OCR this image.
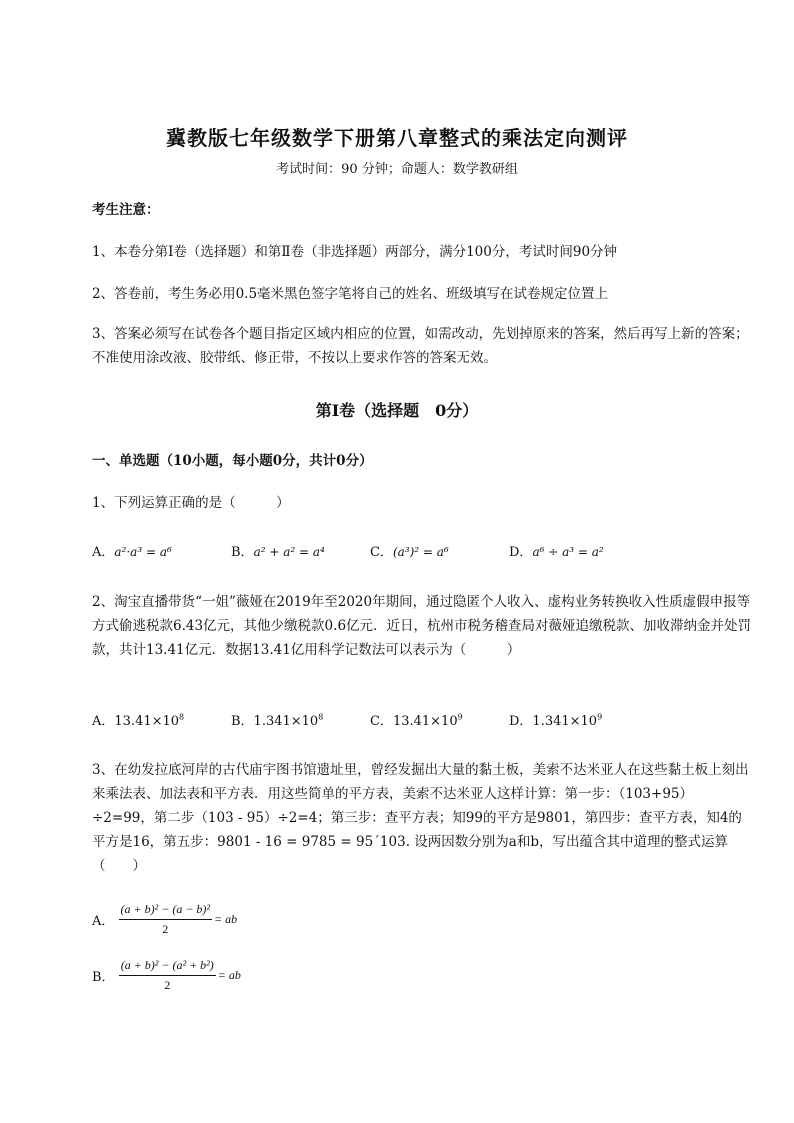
冀教版七年级数学下册第八章整式的乘法定向测评
考试时间：90 分钟；命题人：数学教研组
考生注意：
1、本卷分第Ⅰ卷（选择题）和第Ⅱ卷（非选择题）两部分，满分100分，考试时间90分钟
2、答卷前，考生务必用0.5毫米黑色签字笔将自己的姓名、班级填写在试卷规定位置上
3、答案必须写在试卷各个题目指定区域内相应的位置，如需改动，先划掉原来的答案，然后再写上新的答案；不准使用涂改液、胶带纸、修正带，不按以上要求作答的答案无效。
第Ⅰ卷（选择题　0分）
一、单选题（10小题，每小题0分，共计0分）
1、下列运算正确的是（　　　）
A．a²·a³ = a⁶	B．a² + a² = a⁴	C．(a³)² = a⁶	D．a⁶ ÷ a³ = a²
2、淘宝直播带货“一姐”薇娅在2019年至2020年期间，通过隐匿个人收入、虚构业务转换收入性质虚假申报等方式偷逃税款6.43亿元，其他少缴税款0.6亿元．近日，杭州市税务稽查局对薇娅追缴税款、加收滞纳金并处罚款，共计13.41亿元．数据13.41亿用科学记数法可以表示为（　　　）
A．$13.41\times 10^8$	B．$1.341\times 10^8$	C．$13.41\times 10^9$	D．$1.341\times 10^9$
3、在幼发拉底河岸的古代庙宇图书馆遗址里，曾经发掘出大量的黏土板，美索不达米亚人在这些黏土板上刻出来乘法表、加法表和平方表．用这些简单的平方表，美索不达米亚人这样计算：第一步：（103+95）÷2=99，第二步（103 - 95）÷2=4；第三步：查平方表；知99的平方是9801，第四步：查平方表，知4的平方是16，第五步：9801 - 16 = 9785 = 95´103. 设两因数分别为a和b，写出蕴含其中道理的整式运算（　　）
A． $\frac{\text{(a + b)² − (a − b)²}}{2}$ = ab
B． $\frac{\text{(a + b)² − (a² + b²)}}{2}$ = ab
